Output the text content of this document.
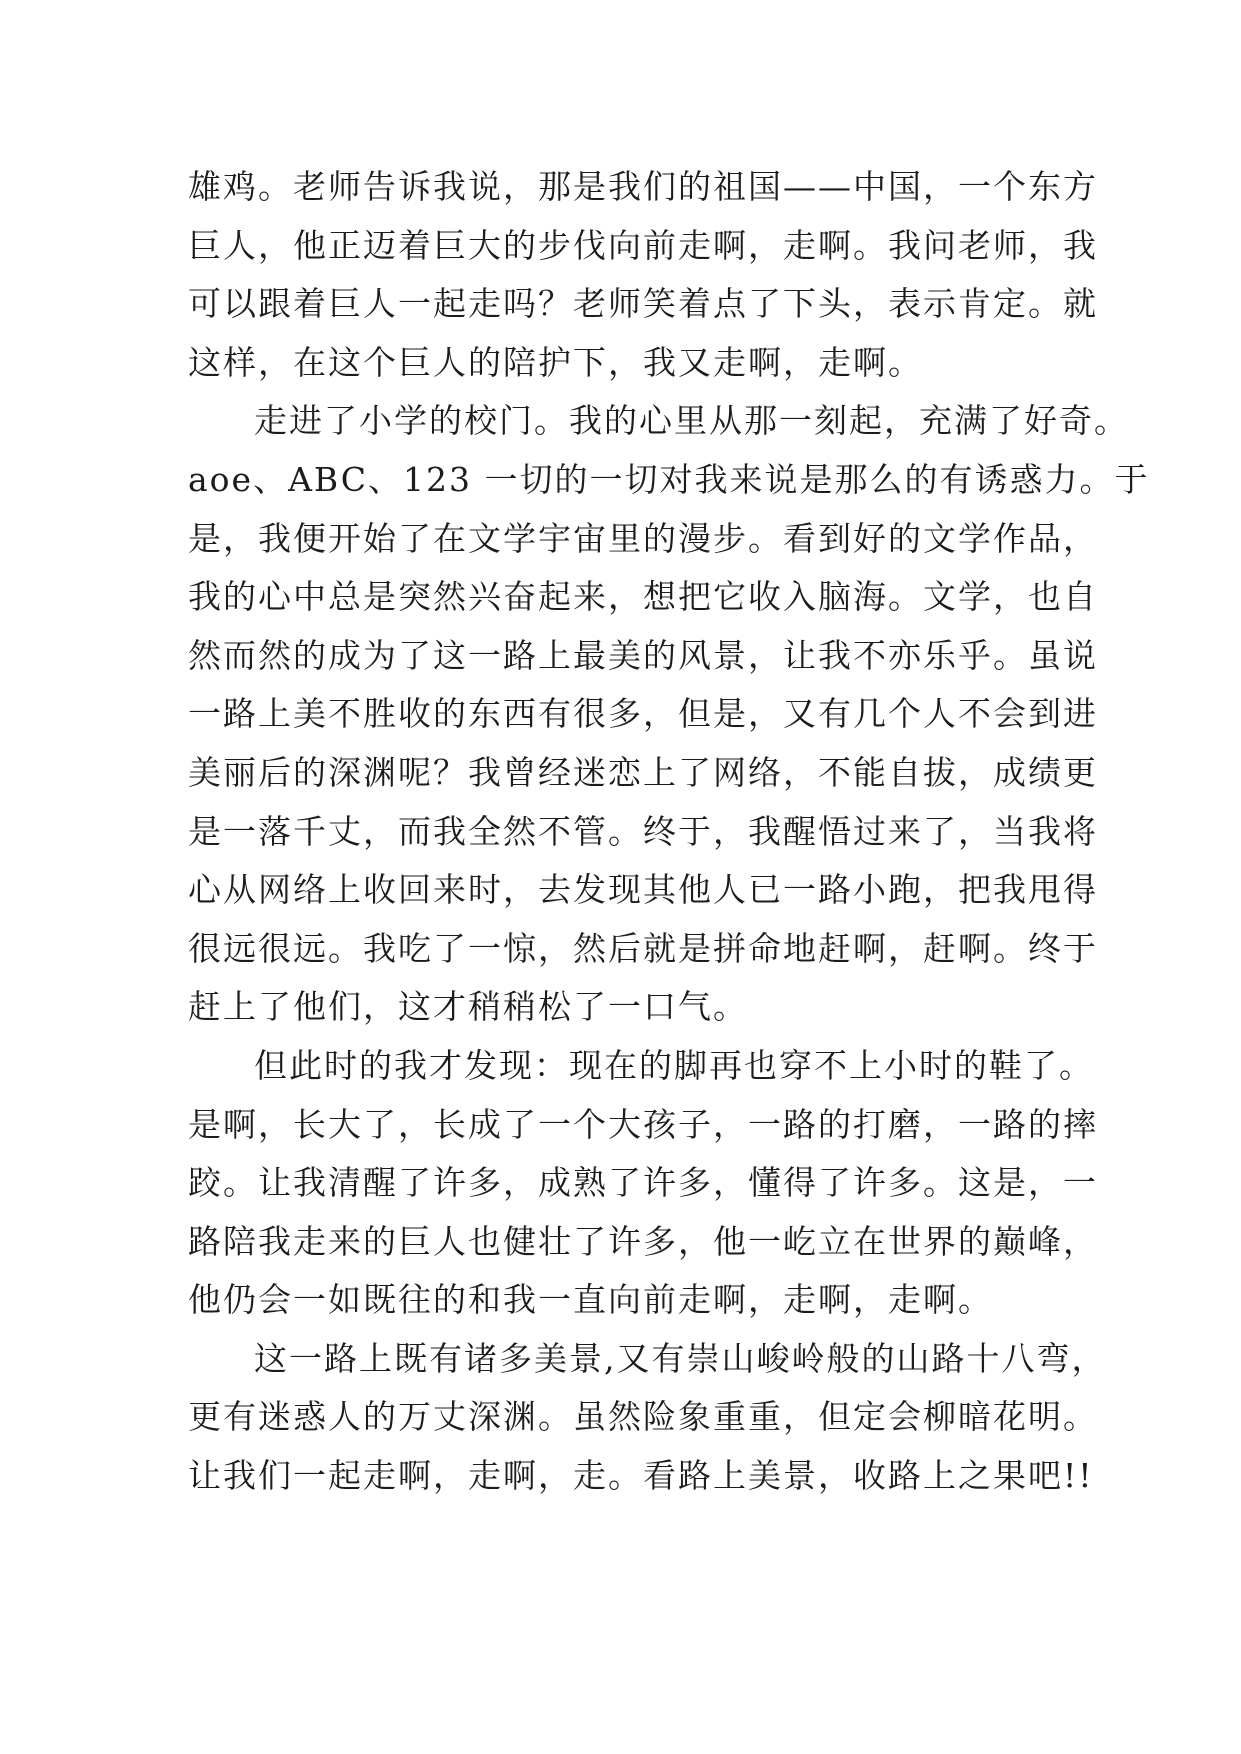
雄鸡。老师告诉我说，那是我们的祖国——中国，一个东方
巨人，他正迈着巨大的步伐向前走啊，走啊。我问老师，我
可以跟着巨人一起走吗？老师笑着点了下头，表示肯定。就
这样，在这个巨人的陪护下，我又走啊，走啊。
走进了小学的校门。我的心里从那一刻起，充满了好奇。
aoe、ABC、123 一切的一切对我来说是那么的有诱惑力。于
是，我便开始了在文学宇宙里的漫步。看到好的文学作品，
我的心中总是突然兴奋起来，想把它收入脑海。文学，也自
然而然的成为了这一路上最美的风景，让我不亦乐乎。虽说
一路上美不胜收的东西有很多，但是，又有几个人不会到进
美丽后的深渊呢？我曾经迷恋上了网络，不能自拔，成绩更
是一落千丈，而我全然不管。终于，我醒悟过来了，当我将
心从网络上收回来时，去发现其他人已一路小跑，把我甩得
很远很远。我吃了一惊，然后就是拼命地赶啊，赶啊。终于
赶上了他们，这才稍稍松了一口气。
但此时的我才发现：现在的脚再也穿不上小时的鞋了。
是啊，长大了，长成了一个大孩子，一路的打磨，一路的摔
跤。让我清醒了许多，成熟了许多，懂得了许多。这是，一
路陪我走来的巨人也健壮了许多，他一屹立在世界的巅峰，
他仍会一如既往的和我一直向前走啊，走啊，走啊。
这一路上既有诸多美景,又有崇山峻岭般的山路十八弯，
更有迷惑人的万丈深渊。虽然险象重重，但定会柳暗花明。
让我们一起走啊，走啊，走。看路上美景，收路上之果吧!!
